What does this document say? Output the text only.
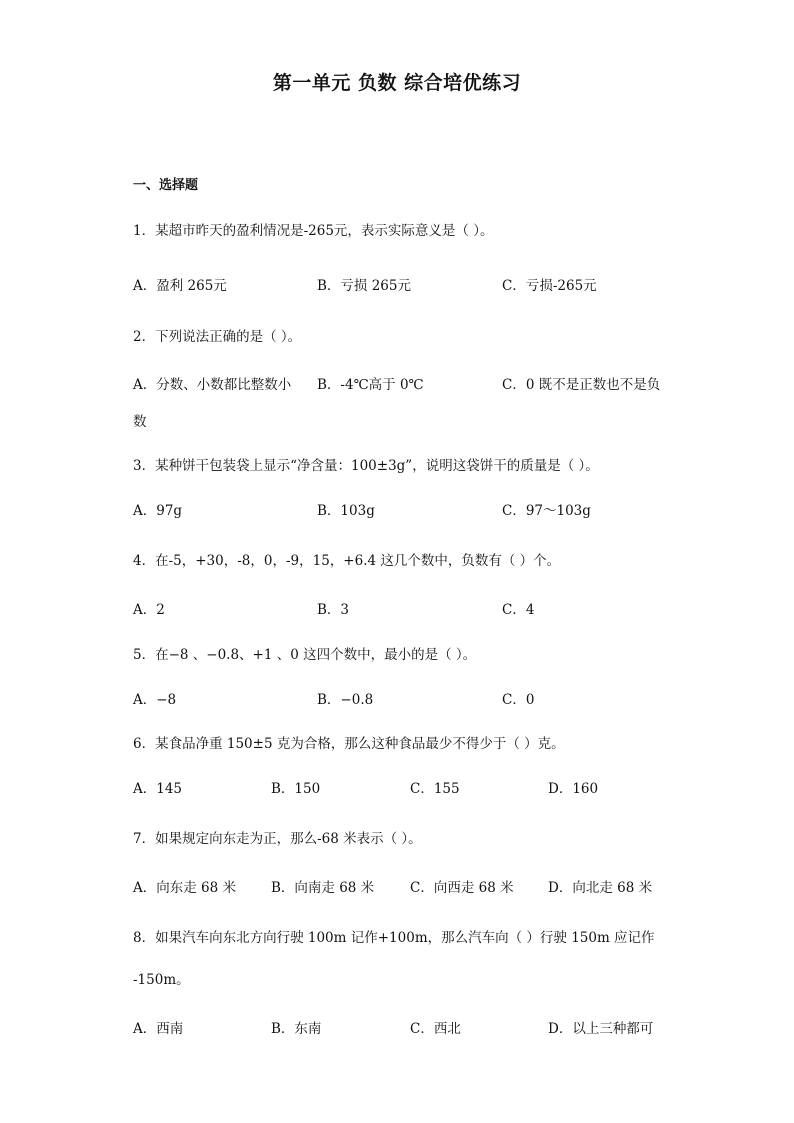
第一单元 负数 综合培优练习
一、选择题
1．某超市昨天的盈利情况是-265元，表示实际意义是（ ）。
A．盈利 265元	B．亏损 265元	C．亏损-265元
2．下列说法正确的是（ ）。
A．分数、小数都比整数小 B．-4℃高于 0℃	C．0 既不是正数也不是负
数
3．某种饼干包装袋上显示“净含量：100±3g”，说明这袋饼干的质量是（ ）。
A．97g	B．103g	C．97～103g
4．在-5，+30，-8，0，-9，15，+6.4 这几个数中，负数有（ ）个。
A．2	B．3	C．4
5．在−8 、−0.8、+1 、0 这四个数中，最小的是（ ）。
A．−8	B．−0.8	C．0
6．某食品净重 150±5 克为合格，那么这种食品最少不得少于（ ）克。
A．145	B．150	C．155	D．160
7．如果规定向东走为正，那么-68 米表示（ ）。
A．向东走 68 米	B．向南走 68 米	C．向西走 68 米	D．向北走 68 米
8．如果汽车向东北方向行驶 100m 记作+100m，那么汽车向（ ）行驶 150m 应记作
-150m。
A．西南	B．东南	C．西北	D．以上三种都可
